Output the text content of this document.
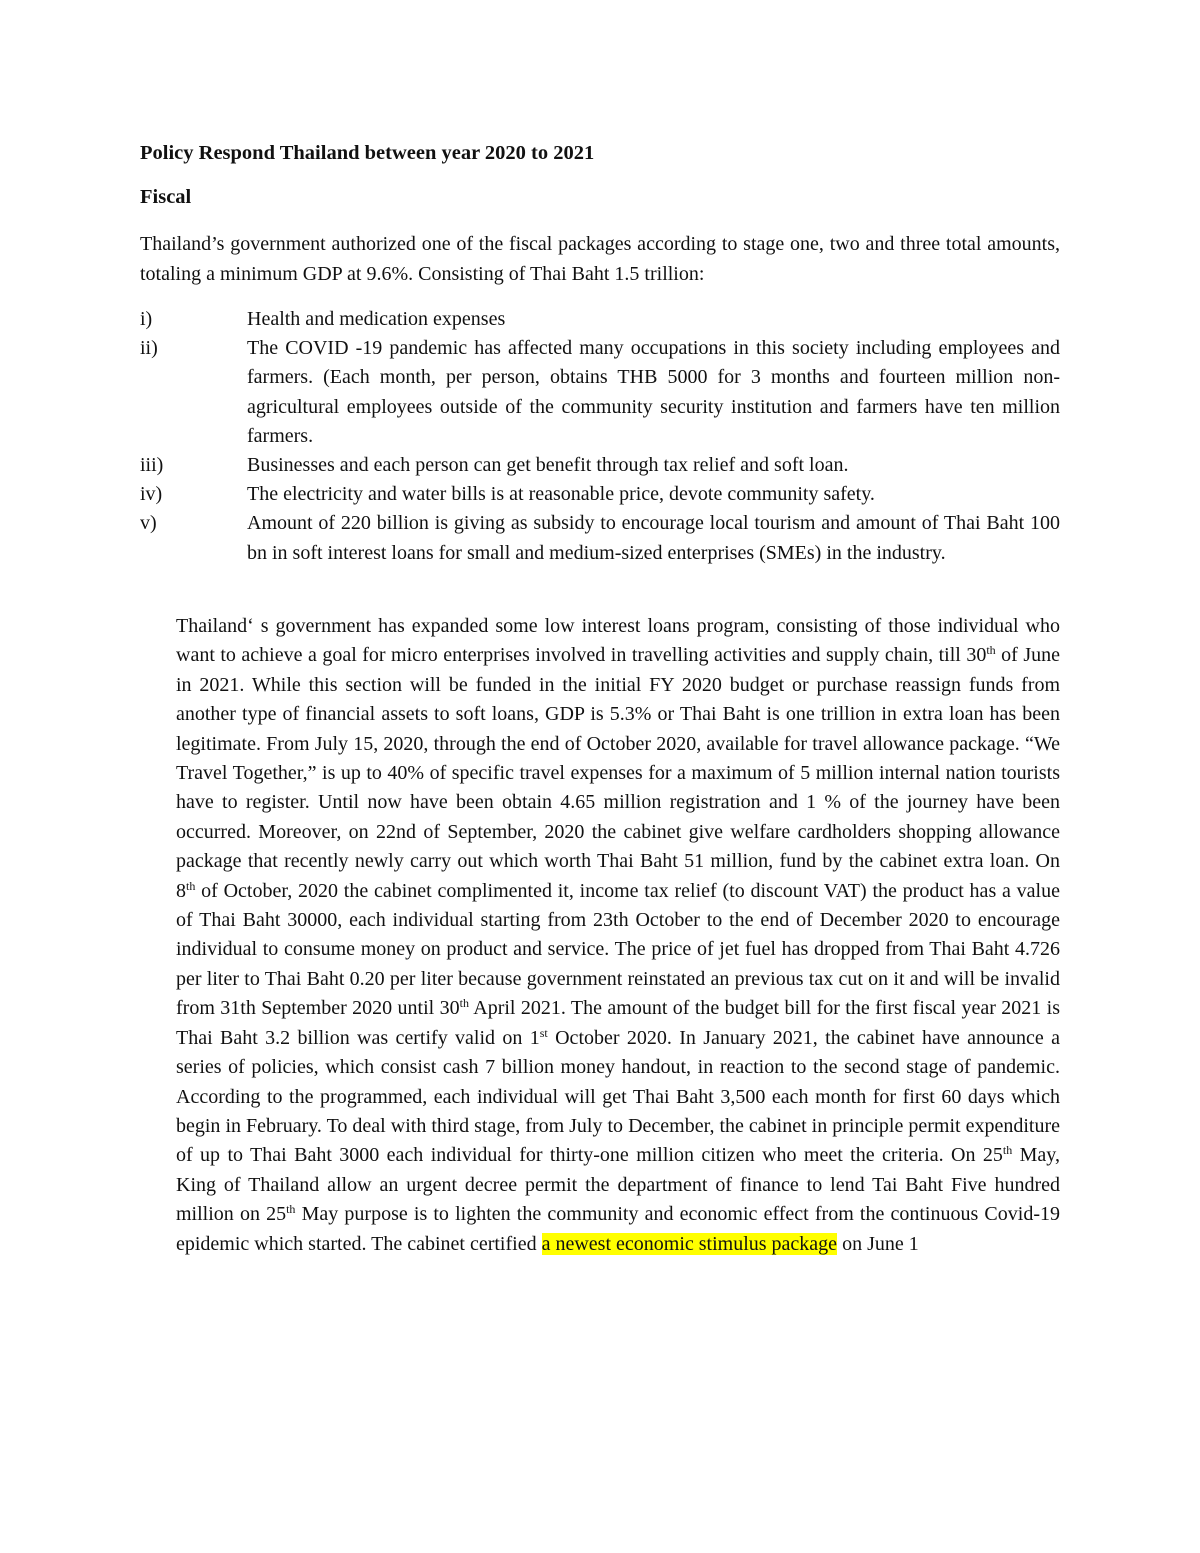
Policy Respond Thailand between year 2020 to 2021

Fiscal

Thailand’s government authorized one of the fiscal packages according to stage one, two and three total amounts, totaling a minimum GDP at 9.6%. Consisting of Thai Baht 1.5 trillion:

i)	Health and medication expenses
ii)	The COVID -19 pandemic has affected many occupations in this society including employees and farmers. (Each month, per person, obtains THB 5000 for 3 months and fourteen million non-agricultural employees outside of the community security institution and farmers have ten million farmers.
iii)	Businesses and each person can get benefit through tax relief and soft loan.
iv)	The electricity and water bills is at reasonable price, devote community safety.
v)	Amount of 220 billion is giving as subsidy to encourage local tourism and amount of Thai Baht 100 bn in soft interest loans for small and medium-sized enterprises (SMEs) in the industry.

Thailand‘ s government has expanded some low interest loans program, consisting of those individual who want to achieve a goal for micro enterprises involved in travelling activities and supply chain, till 30th of June in 2021. While this section will be funded in the initial FY 2020 budget or purchase reassign funds from another type of financial assets to soft loans, GDP is 5.3% or Thai Baht is one trillion in extra loan has been legitimate. From July 15, 2020, through the end of October 2020, available for travel allowance package. “We Travel Together,” is up to 40% of specific travel expenses for a maximum of 5 million internal nation tourists have to register. Until now have been obtain 4.65 million registration and 1 % of the journey have been occurred. Moreover, on 22nd of September, 2020 the cabinet give welfare cardholders shopping allowance package that recently newly carry out which worth Thai Baht 51 million, fund by the cabinet extra loan. On 8th of October, 2020 the cabinet complimented it, income tax relief (to discount VAT) the product has a value of Thai Baht 30000, each individual starting from 23th October to the end of December 2020 to encourage individual to consume money on product and service. The price of jet fuel has dropped from Thai Baht 4.726 per liter to Thai Baht 0.20 per liter because government reinstated an previous tax cut on it and will be invalid from 31th September 2020 until 30th April 2021. The amount of the budget bill for the first fiscal year 2021 is Thai Baht 3.2 billion was certify valid on 1st October 2020. In January 2021, the cabinet have announce a series of policies, which consist cash 7 billion money handout, in reaction to the second stage of pandemic. According to the programmed, each individual will get Thai Baht 3,500 each month for first 60 days which begin in February. To deal with third stage, from July to December, the cabinet in principle permit expenditure of up to Thai Baht 3000 each individual for thirty-one million citizen who meet the criteria. On 25th May, King of Thailand allow an urgent decree permit the department of finance to lend Tai Baht Five hundred million on 25th May purpose is to lighten the community and economic effect from the continuous Covid-19 epidemic which started. The cabinet certified a newest economic stimulus package on June 1
